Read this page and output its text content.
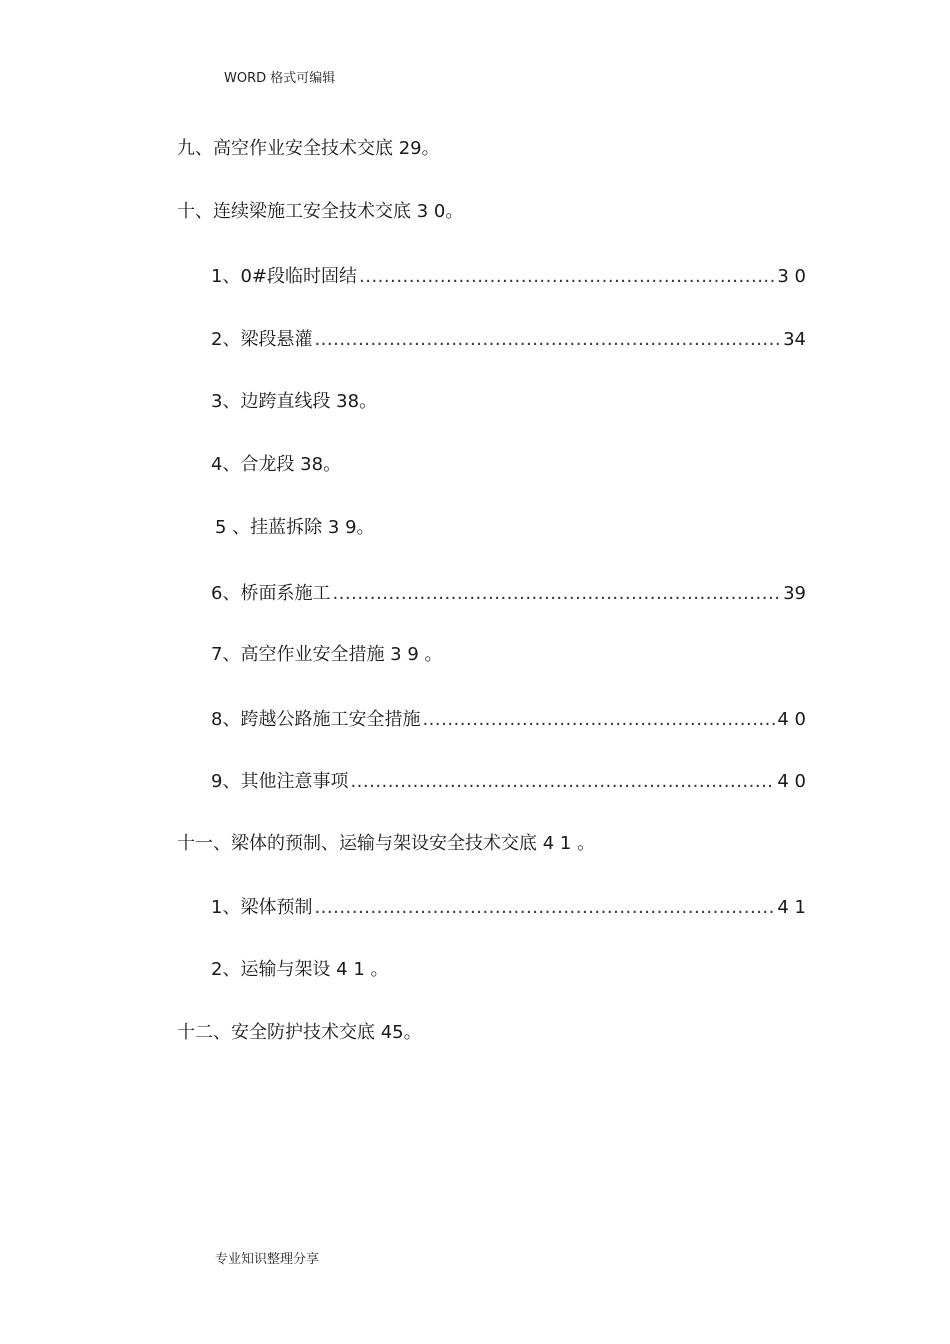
WORD 格式可编辑
九、高空作业安全技术交底 29。
十、连续梁施工安全技术交底 3 0。
1、0#段临时固结 .....	3 0
2、梁段悬灌 .....	34
3、边跨直线段 38。
4、合龙段 38。
5 、挂蓝拆除 3 9。
6、桥面系施工 .....	39
7、高空作业安全措施 3 9 。
8、跨越公路施工安全措施 .....	4 0
9、其他注意事项 .....	4 0
十一、梁体的预制、运输与架设安全技术交底 4 1 。
1、梁体预制 .....	4 1
2、运输与架设 4 1 。
十二、安全防护技术交底 45。
专业知识整理分享
